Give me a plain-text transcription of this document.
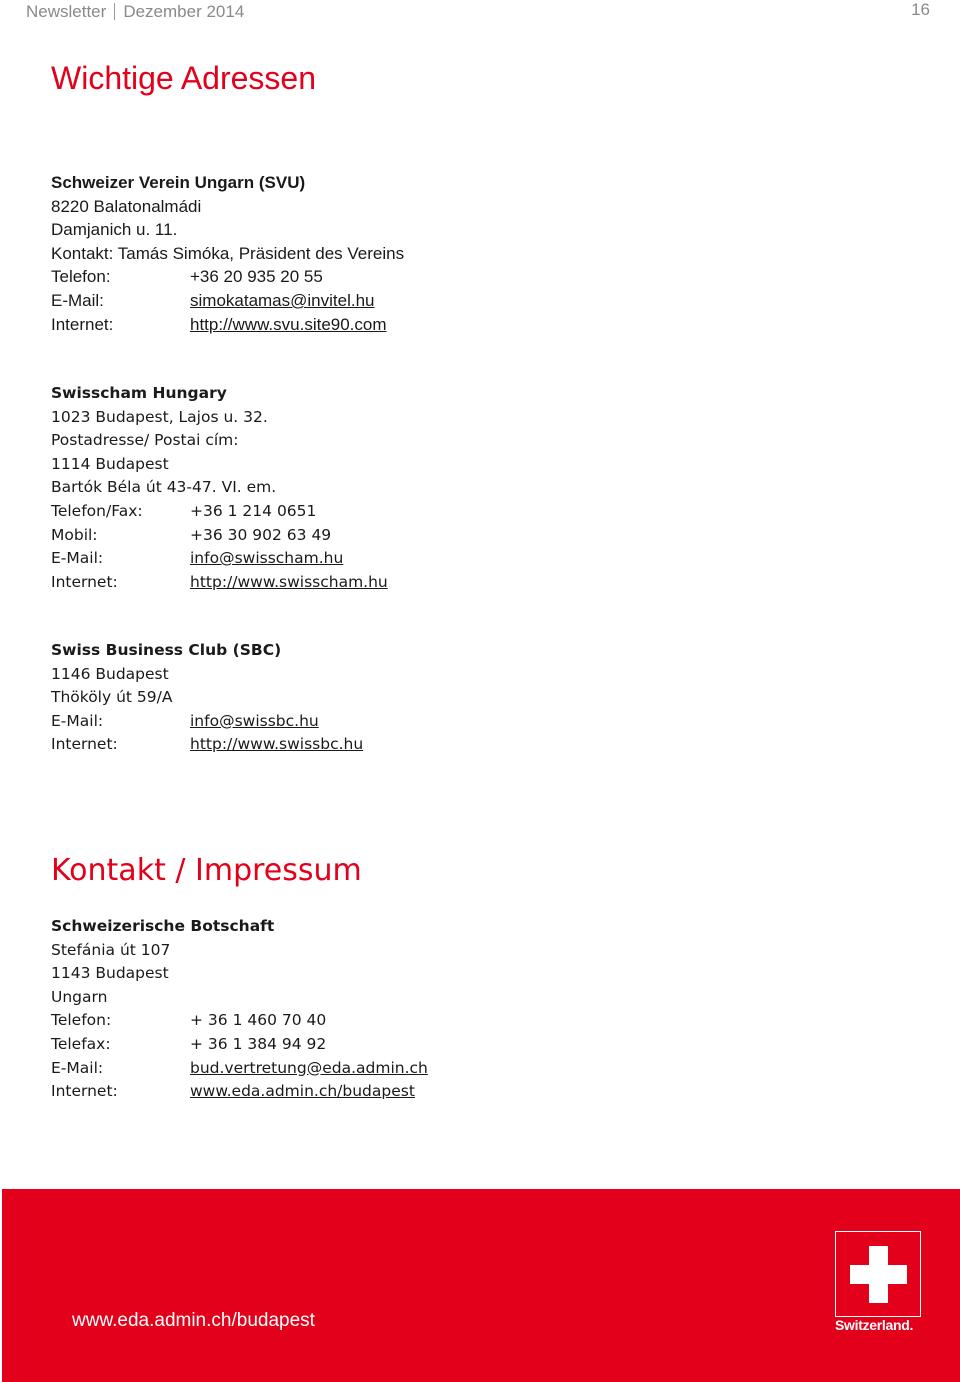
Newsletter Dezember 2014	16
Wichtige Adressen
Schweizer Verein Ungarn (SVU)
8220 Balatonalmádi
Damjanich u. 11.
Kontakt: Tamás Simóka, Präsident des Vereins
Telefon:	+36 20 935 20 55
E-Mail:	simokatamas@invitel.hu
Internet:	http://www.svu.site90.com
Swisscham Hungary
1023 Budapest, Lajos u. 32.
Postadresse/ Postai cím:
1114 Budapest
Bartók Béla út 43-47. VI. em.
Telefon/Fax:	+36 1 214 0651
Mobil:	+36 30 902 63 49
E-Mail:	info@swisscham.hu
Internet:	http://www.swisscham.hu
Swiss Business Club (SBC)
1146 Budapest
Thököly út 59/A
E-Mail:	info@swissbc.hu
Internet:	http://www.swissbc.hu
Kontakt / Impressum
Schweizerische Botschaft
Stefánia út 107
1143 Budapest
Ungarn
Telefon:	+ 36 1 460 70 40
Telefax:	+ 36 1 384 94 92
E-Mail:	bud.vertretung@eda.admin.ch
Internet:	www.eda.admin.ch/budapest
www.eda.admin.ch/budapest	Switzerland.
